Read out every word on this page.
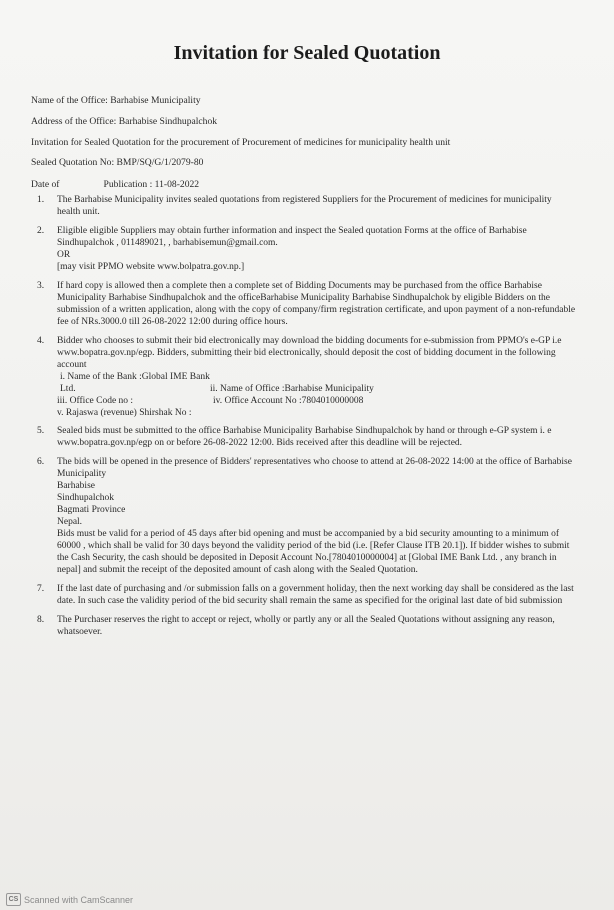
Invitation for Sealed Quotation
Name of the Office: Barhabise Municipality
Address of the Office: Barhabise Sindhupalchok
Invitation for Sealed Quotation for the procurement of Procurement of medicines for municipality health unit
Sealed Quotation No: BMP/SQ/G/1/2079-80
Date of	Publication : 11-08-2022
1. The Barhabise Municipality invites sealed quotations from registered Suppliers for the Procurement of medicines for municipality health unit.
2. Eligible eligible Suppliers may obtain further information and inspect the Sealed quotation Forms at the office of Barhabise Sindhupalchok , 011489021, , barhabisemun@gmail.com.
OR
[may visit PPMO website www.bolpatra.gov.np.]
3. If hard copy is allowed then a complete then a complete set of Bidding Documents may be purchased from the office Barhabise Municipality Barhabise Sindhupalchok and the officeBarhabise Municipality Barhabise Sindhupalchok by eligible Bidders on the submission of a written application, along with the copy of company/firm registration certificate, and upon payment of a non-refundable fee of NRs.3000.0 till 26-08-2022 12:00 during office hours.
4. Bidder who chooses to submit their bid electronically may download the bidding documents for e-submission from PPMO's e-GP i.e www.bopatra.gov.np/egp. Bidders, submitting their bid electronically, should deposit the cost of bidding document in the following account
i. Name of the Bank :Global IME Bank Ltd.	ii. Name of Office :Barhabise Municipality
iii. Office Code no :	iv. Office Account No :7804010000008
v. Rajaswa (revenue) Shirshak No :
5. Sealed bids must be submitted to the office Barhabise Municipality Barhabise Sindhupalchok by hand or through e-GP system i. e www.bopatra.gov.np/egp on or before 26-08-2022 12:00. Bids received after this deadline will be rejected.
6. The bids will be opened in the presence of Bidders' representatives who choose to attend at 26-08-2022 14:00 at the office of Barhabise Municipality
Barhabise
Sindhupalchok
Bagmati Province
Nepal.
Bids must be valid for a period of 45 days after bid opening and must be accompanied by a bid security amounting to a minimum of 60000 , which shall be valid for 30 days beyond the validity period of the bid (i.e. [Refer Clause ITB 20.1]). If bidder wishes to submit the Cash Security, the cash should be deposited in Deposit Account No.[7804010000004] at [Global IME Bank Ltd. , any branch in nepal] and submit the receipt of the deposited amount of cash along with the Sealed Quotation.
7. If the last date of purchasing and /or submission falls on a government holiday, then the next working day shall be considered as the last date. In such case the validity period of the bid security shall remain the same as specified for the original last date of bid submission
8. The Purchaser reserves the right to accept or reject, wholly or partly any or all the Sealed Quotations without assigning any reason, whatsoever.
CS Scanned with CamScanner
